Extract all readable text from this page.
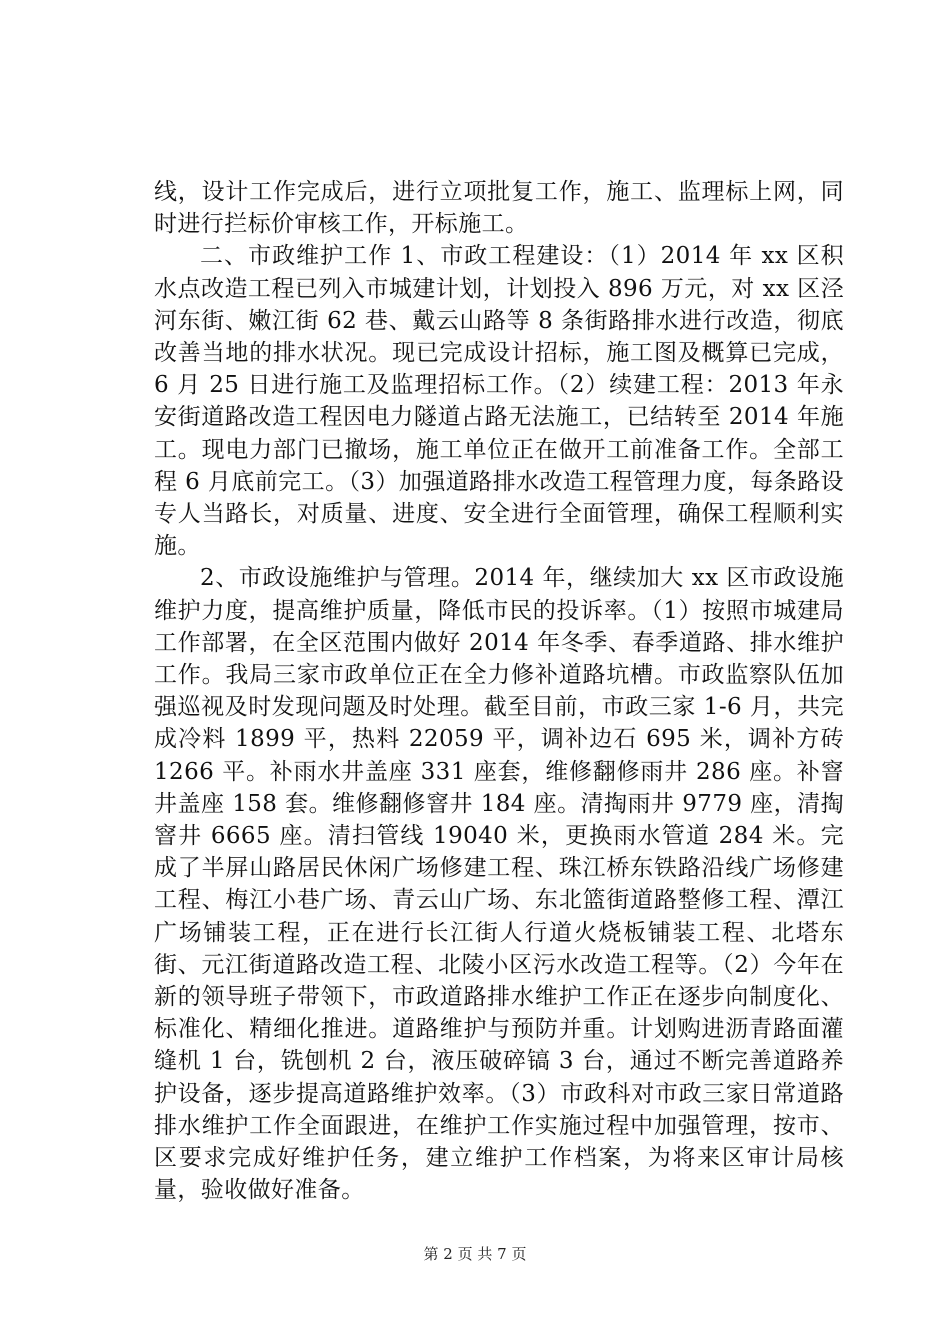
线，设计工作完成后，进行立项批复工作，施工、监理标上网，同时进行拦标价审核工作，开标施工。

二、市政维护工作 1、市政工程建设：（1）2014 年 xx 区积水点改造工程已列入市城建计划，计划投入 896 万元，对 xx 区泾河东街、嫩江街 62 巷、戴云山路等 8 条街路排水进行改造，彻底改善当地的排水状况。现已完成设计招标，施工图及概算已完成，6 月 25 日进行施工及监理招标工作。（2）续建工程：2013 年永安街道路改造工程因电力隧道占路无法施工，已结转至 2014 年施工。现电力部门已撤场，施工单位正在做开工前准备工作。全部工程 6 月底前完工。（3）加强道路排水改造工程管理力度，每条路设专人当路长，对质量、进度、安全进行全面管理，确保工程顺利实施。

2、市政设施维护与管理。2014 年，继续加大 xx 区市政设施维护力度，提高维护质量，降低市民的投诉率。（1）按照市城建局工作部署，在全区范围内做好 2014 年冬季、春季道路、排水维护工作。我局三家市政单位正在全力修补道路坑槽。市政监察队伍加强巡视及时发现问题及时处理。截至目前，市政三家 1-6 月，共完成冷料 1899 平，热料 22059 平，调补边石 695 米，调补方砖 1266 平。补雨水井盖座 331 座套，维修翻修雨井 286 座。补窨井盖座 158 套。维修翻修窨井 184 座。清掏雨井 9779 座，清掏窨井 6665 座。清扫管线 19040 米，更换雨水管道 284 米。完成了半屏山路居民休闲广场修建工程、珠江桥东铁路沿线广场修建工程、梅江小巷广场、青云山广场、东北篮街道路整修工程、潭江广场铺装工程，正在进行长江街人行道火烧板铺装工程、北塔东街、元江街道路改造工程、北陵小区污水改造工程等。（2）今年在新的领导班子带领下，市政道路排水维护工作正在逐步向制度化、标准化、精细化推进。道路维护与预防并重。计划购进沥青路面灌缝机 1 台，铣刨机 2 台，液压破碎镐 3 台，通过不断完善道路养护设备，逐步提高道路维护效率。（3）市政科对市政三家日常道路排水维护工作全面跟进，在维护工作实施过程中加强管理，按市、区要求完成好维护任务，建立维护工作档案，为将来区审计局核量，验收做好准备。

第 2 页 共 7 页
